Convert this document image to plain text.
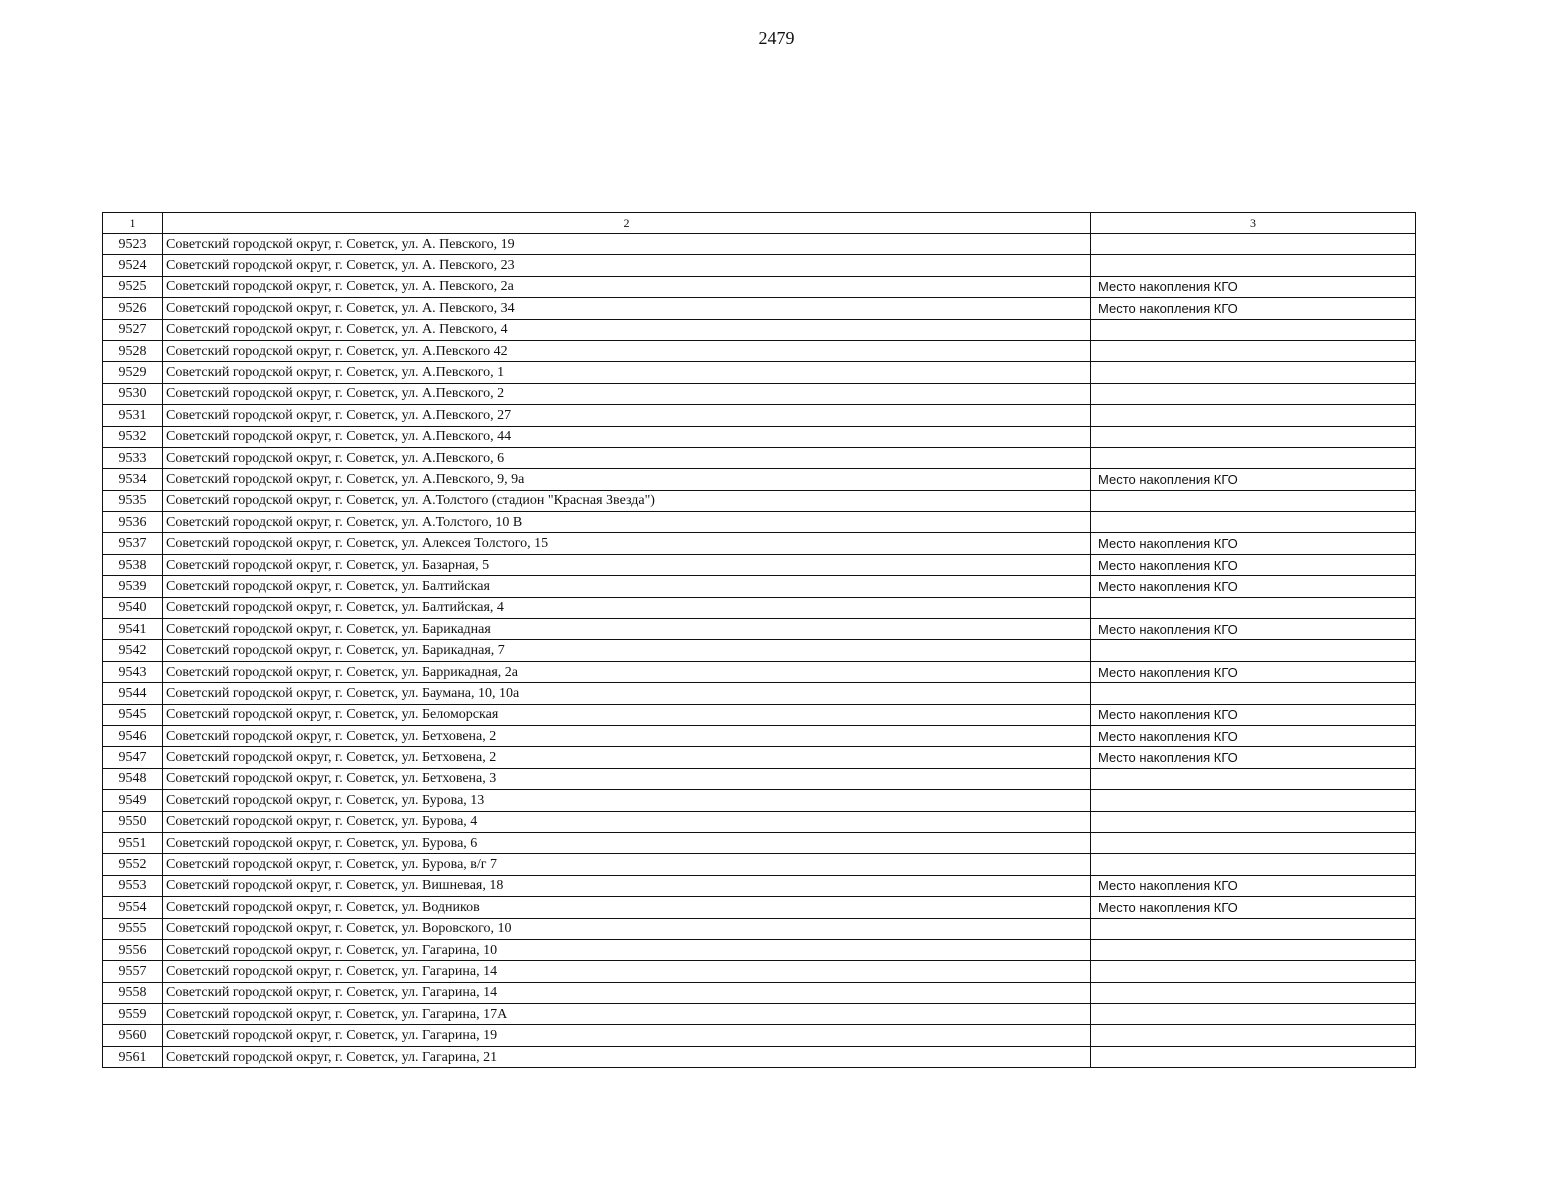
2479
1	2	3
9523	Советский городской округ, г. Советск, ул. А. Певского, 19	
9524	Советский городской округ, г. Советск, ул. А. Певского, 23	
9525	Советский городской округ, г. Советск, ул. А. Певского, 2а	Место накопления КГО
9526	Советский городской округ, г. Советск, ул. А. Певского, 34	Место накопления КГО
9527	Советский городской округ, г. Советск, ул. А. Певского, 4	
9528	Советский городской округ, г. Советск, ул. А.Певского 42	
9529	Советский городской округ, г. Советск, ул. А.Певского, 1	
9530	Советский городской округ, г. Советск, ул. А.Певского, 2	
9531	Советский городской округ, г. Советск, ул. А.Певского, 27	
9532	Советский городской округ, г. Советск, ул. А.Певского, 44	
9533	Советский городской округ, г. Советск, ул. А.Певского, 6	
9534	Советский городской округ, г. Советск, ул. А.Певского, 9, 9а	Место накопления КГО
9535	Советский городской округ, г. Советск, ул. А.Толстого (стадион "Красная Звезда")	
9536	Советский городской округ, г. Советск, ул. А.Толстого, 10 В	
9537	Советский городской округ, г. Советск, ул. Алексея Толстого, 15	Место накопления КГО
9538	Советский городской округ, г. Советск, ул. Базарная, 5	Место накопления КГО
9539	Советский городской округ, г. Советск, ул. Балтийская	Место накопления КГО
9540	Советский городской округ, г. Советск, ул. Балтийская, 4	
9541	Советский городской округ, г. Советск, ул. Барикадная	Место накопления КГО
9542	Советский городской округ, г. Советск, ул. Барикадная, 7	
9543	Советский городской округ, г. Советск, ул. Баррикадная, 2а	Место накопления КГО
9544	Советский городской округ, г. Советск, ул. Баумана, 10, 10а	
9545	Советский городской округ, г. Советск, ул. Беломорская	Место накопления КГО
9546	Советский городской округ, г. Советск, ул. Бетховена, 2	Место накопления КГО
9547	Советский городской округ, г. Советск, ул. Бетховена, 2	Место накопления КГО
9548	Советский городской округ, г. Советск, ул. Бетховена, 3	
9549	Советский городской округ, г. Советск, ул. Бурова, 13	
9550	Советский городской округ, г. Советск, ул. Бурова, 4	
9551	Советский городской округ, г. Советск, ул. Бурова, 6	
9552	Советский городской округ, г. Советск, ул. Бурова, в/г 7	
9553	Советский городской округ, г. Советск, ул. Вишневая, 18	Место накопления КГО
9554	Советский городской округ, г. Советск, ул. Водников	Место накопления КГО
9555	Советский городской округ, г. Советск, ул. Воровского, 10	
9556	Советский городской округ, г. Советск, ул. Гагарина, 10	
9557	Советский городской округ, г. Советск, ул. Гагарина, 14	
9558	Советский городской округ, г. Советск, ул. Гагарина, 14	
9559	Советский городской округ, г. Советск, ул. Гагарина, 17А	
9560	Советский городской округ, г. Советск, ул. Гагарина, 19	
9561	Советский городской округ, г. Советск, ул. Гагарина, 21	
